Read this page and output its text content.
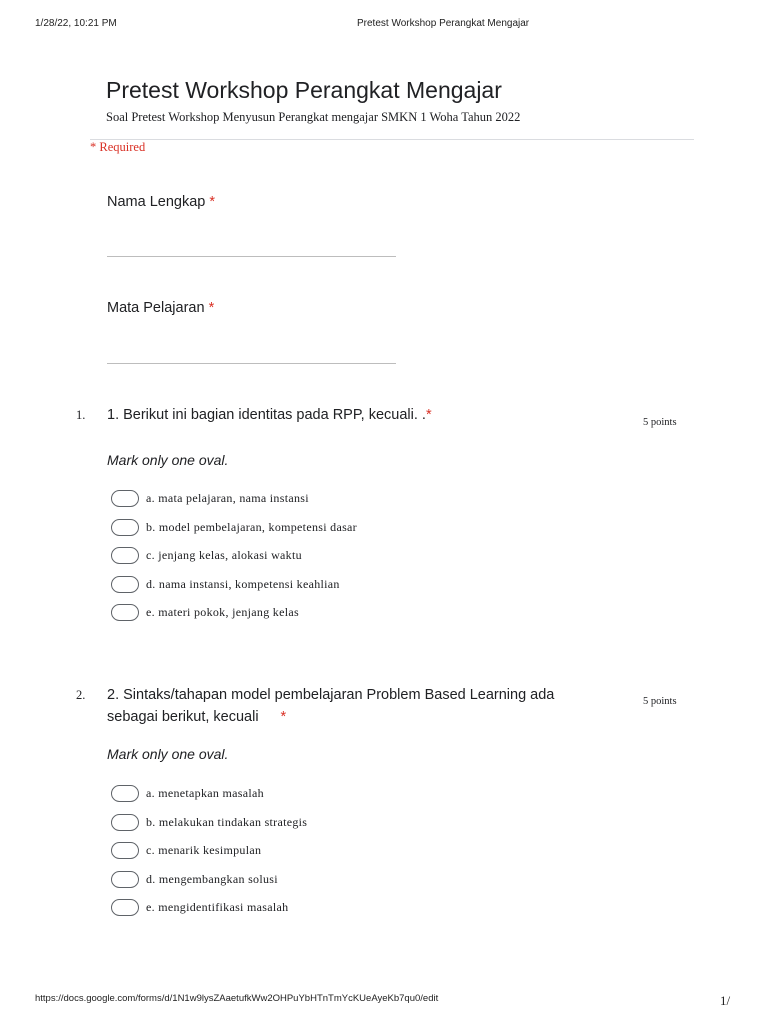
1/28/22, 10:21 PM	Pretest Workshop Perangkat Mengajar
Pretest Workshop Perangkat Mengajar
Soal Pretest Workshop Menyusun Perangkat mengajar SMKN 1 Woha Tahun 2022
* Required
Nama Lengkap *
Mata Pelajaran *
1. 1. Berikut ini bagian identitas pada RPP, kecuali. .*	5 points
Mark only one oval.
a. mata pelajaran, nama instansi
b. model pembelajaran, kompetensi dasar
c. jenjang kelas, alokasi waktu
d. nama instansi, kompetensi keahlian
e. materi pokok, jenjang kelas
2. 2. Sintaks/tahapan model pembelajaran Problem Based Learning ada
sebagai berikut, kecuali *
5 points
Mark only one oval.
a. menetapkan masalah
b. melakukan tindakan strategis
c. menarik kesimpulan
d. mengembangkan solusi
e. mengidentifikasi masalah
https://docs.google.com/forms/d/1N1w9lysZAaetufkWw2OHPuYbHTnTmYcKUeAyeKb7qu0/edit	1/
